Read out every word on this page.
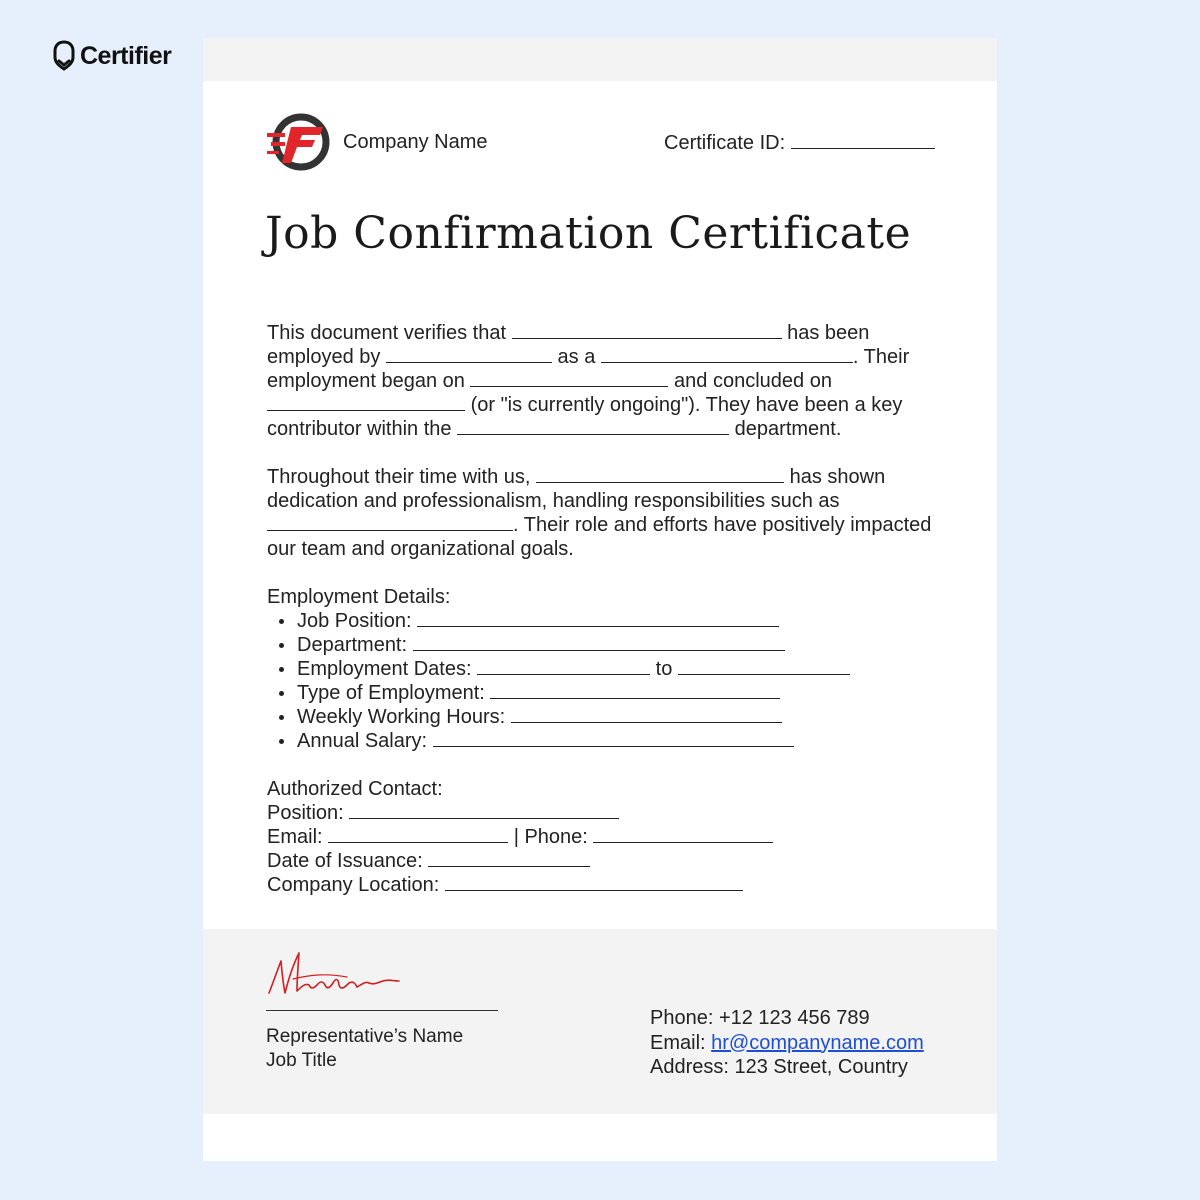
Certifier
Company Name	Certificate ID:
Job Confirmation Certificate

This document verifies that	has been employed by	as a	. Their employment began on	and concluded on  (or "is currently ongoing"). They have been a key contributor within the	department.

Throughout their time with us,	has shown dedication and professionalism, handling responsibilities such as . Their role and efforts have positively impacted our team and organizational goals.

Employment Details:
Job Position:
Department:
Employment Dates:	to
Type of Employment:
Weekly Working Hours:
Annual Salary:
Authorized Contact:
Position:
Email:	| Phone:
Date of Issuance:
Company Location:
Representative’s Name
Job Title
Phone: +12 123 456 789
Email: hr@companyname.com
Address: 123 Street, Country
